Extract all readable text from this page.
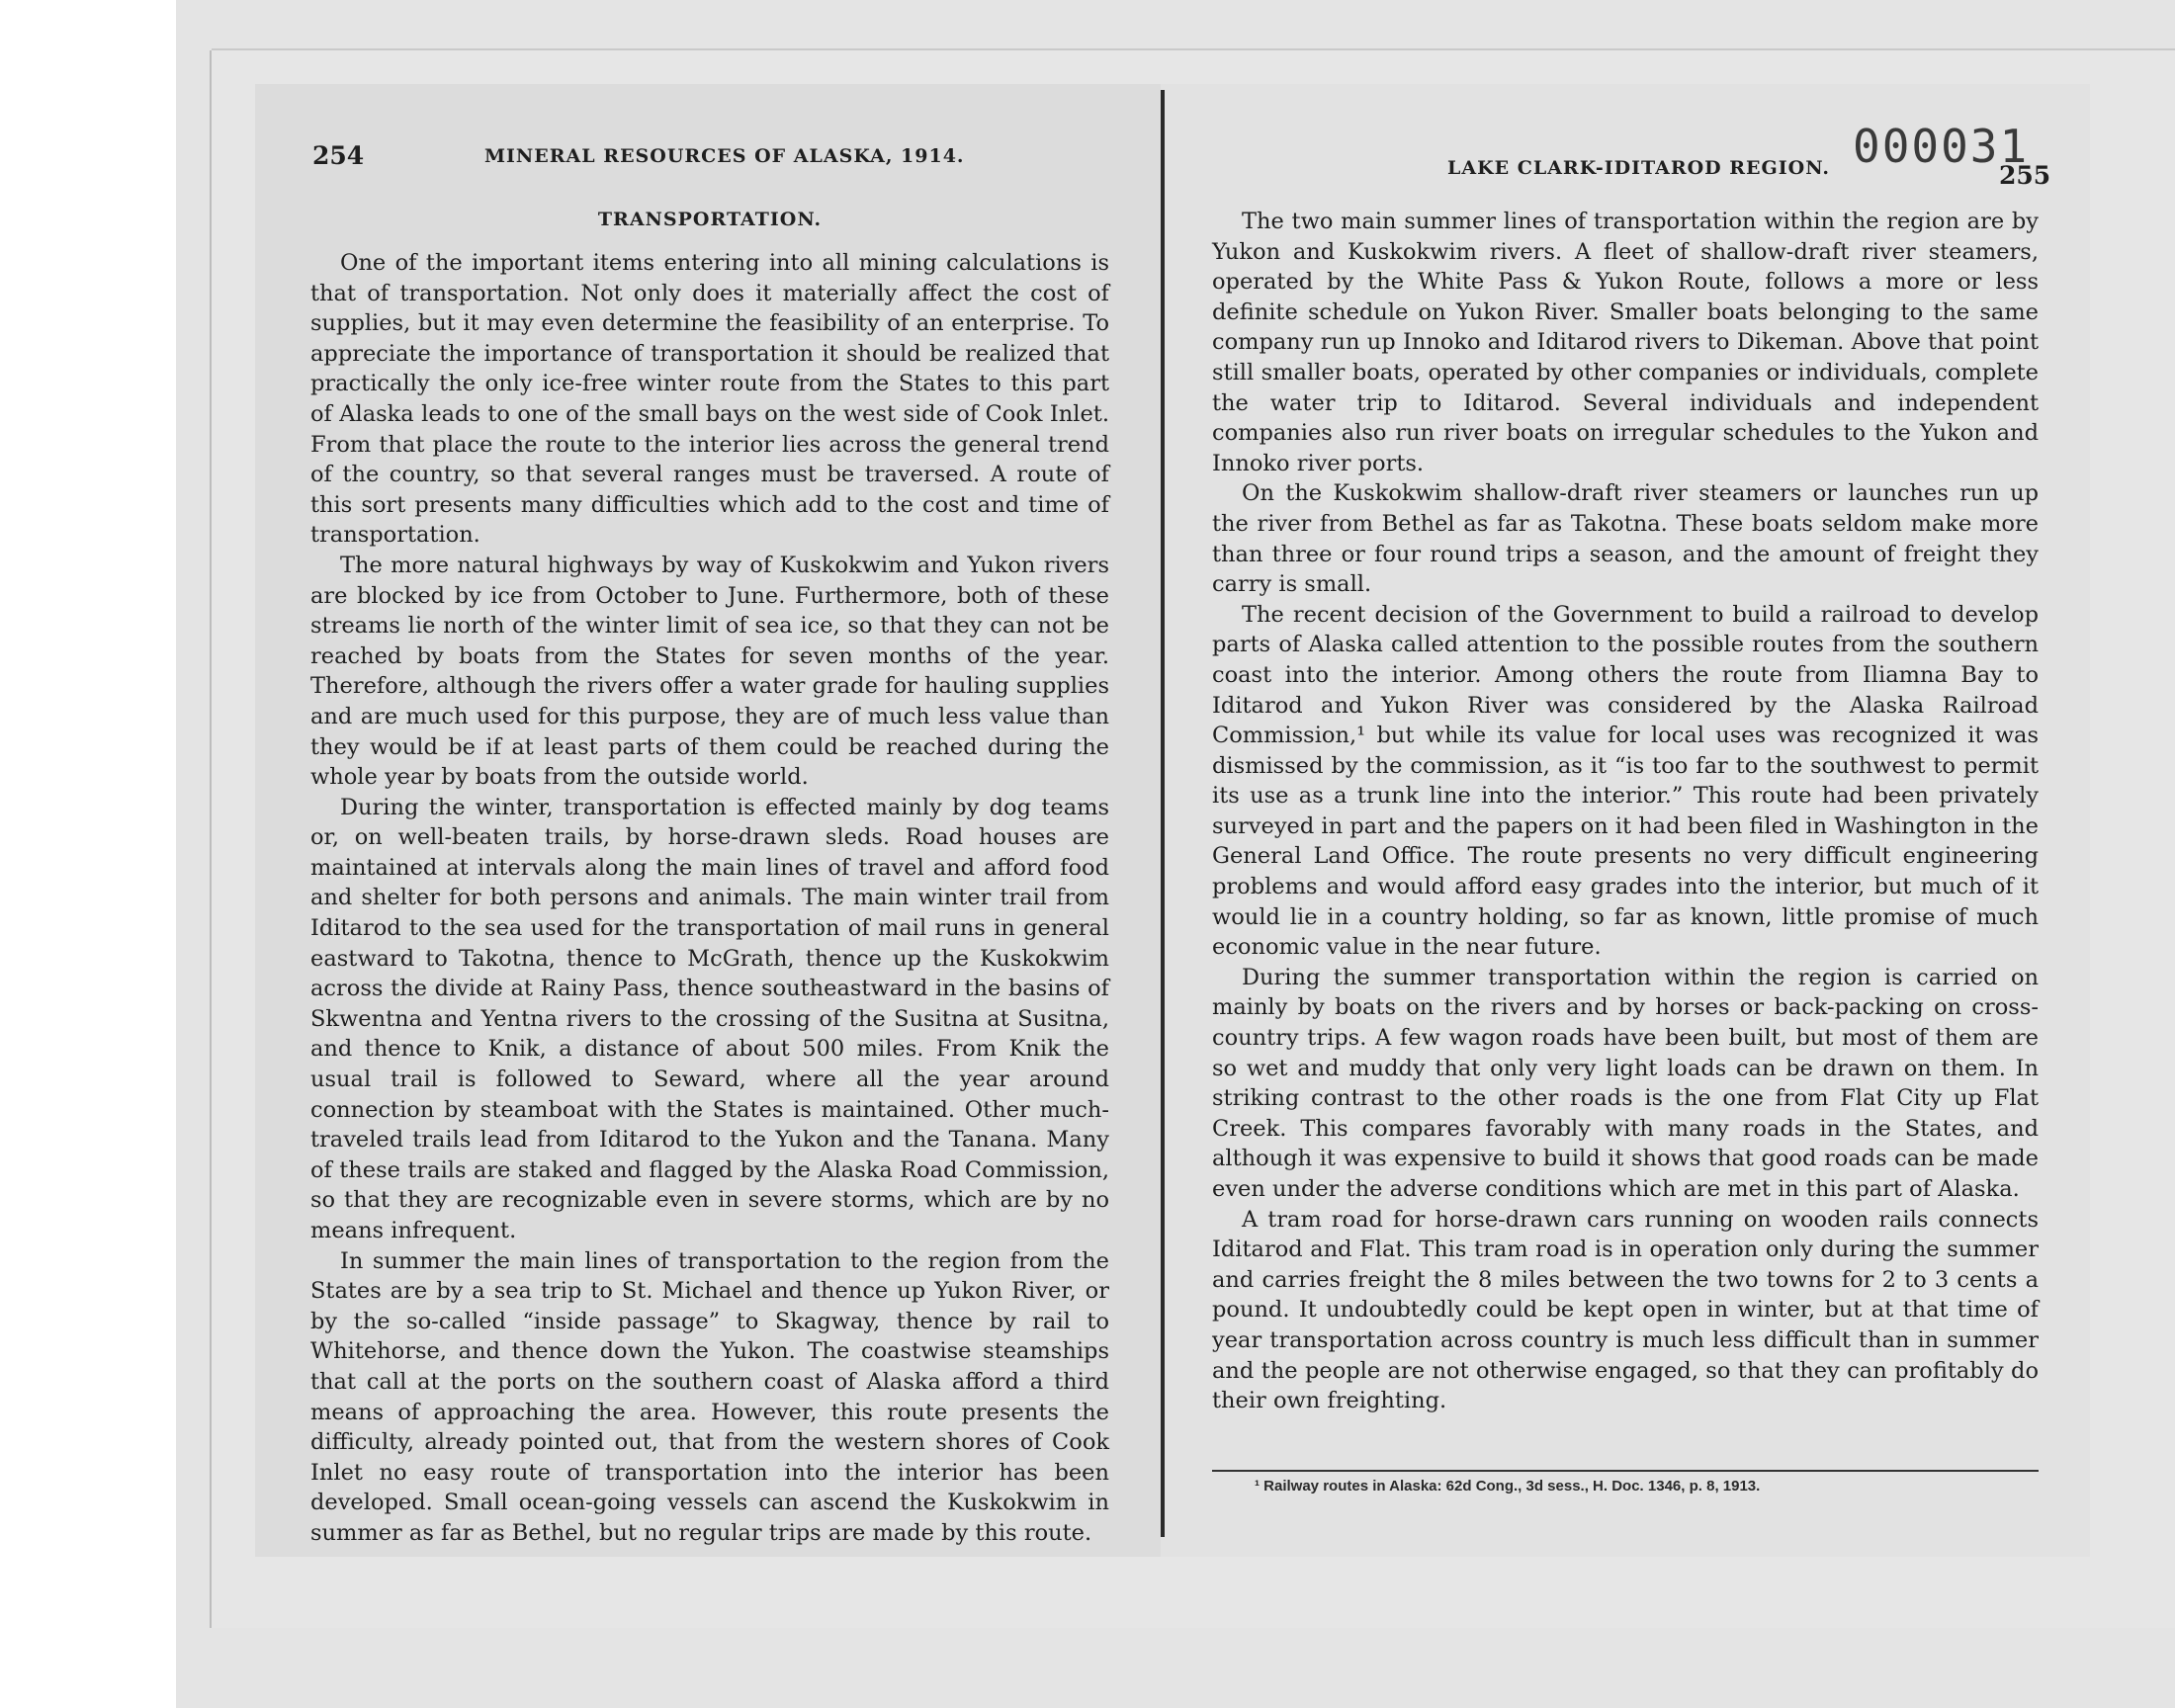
254	MINERAL RESOURCES OF ALASKA, 1914.
TRANSPORTATION.

One of the important items entering into all mining calculations is that of transportation. Not only does it materially affect the cost of supplies, but it may even determine the feasibility of an enterprise. To appreciate the importance of transportation it should be realized that practically the only ice-free winter route from the States to this part of Alaska leads to one of the small bays on the west side of Cook Inlet. From that place the route to the interior lies across the general trend of the country, so that several ranges must be traversed. A route of this sort presents many difficulties which add to the cost and time of transportation.

The more natural highways by way of Kuskokwim and Yukon rivers are blocked by ice from October to June. Furthermore, both of these streams lie north of the winter limit of sea ice, so that they can not be reached by boats from the States for seven months of the year. Therefore, although the rivers offer a water grade for hauling supplies and are much used for this purpose, they are of much less value than they would be if at least parts of them could be reached during the whole year by boats from the outside world.

During the winter, transportation is effected mainly by dog teams or, on well-beaten trails, by horse-drawn sleds. Road houses are maintained at intervals along the main lines of travel and afford food and shelter for both persons and animals. The main winter trail from Iditarod to the sea used for the transportation of mail runs in general eastward to Takotna, thence to McGrath, thence up the Kuskokwim across the divide at Rainy Pass, thence southeastward in the basins of Skwentna and Yentna rivers to the crossing of the Susitna at Susitna, and thence to Knik, a distance of about 500 miles. From Knik the usual trail is followed to Seward, where all the year around connection by steamboat with the States is maintained. Other much-traveled trails lead from Iditarod to the Yukon and the Tanana. Many of these trails are staked and flagged by the Alaska Road Commission, so that they are recognizable even in severe storms, which are by no means infrequent.

In summer the main lines of transportation to the region from the States are by a sea trip to St. Michael and thence up Yukon River, or by the so-called “inside passage” to Skagway, thence by rail to Whitehorse, and thence down the Yukon. The coastwise steamships that call at the ports on the southern coast of Alaska afford a third means of approaching the area. However, this route presents the difficulty, already pointed out, that from the western shores of Cook Inlet no easy route of transportation into the interior has been developed. Small ocean-going vessels can ascend the Kuskokwim in summer as far as Bethel, but no regular trips are made by this route.

LAKE CLARK-IDITAROD REGION.	255
000031

The two main summer lines of transportation within the region are by Yukon and Kuskokwim rivers. A fleet of shallow-draft river steamers, operated by the White Pass & Yukon Route, follows a more or less definite schedule on Yukon River. Smaller boats belonging to the same company run up Innoko and Iditarod rivers to Dikeman. Above that point still smaller boats, operated by other companies or individuals, complete the water trip to Iditarod. Several individuals and independent companies also run river boats on irregular schedules to the Yukon and Innoko river ports.

On the Kuskokwim shallow-draft river steamers or launches run up the river from Bethel as far as Takotna. These boats seldom make more than three or four round trips a season, and the amount of freight they carry is small.

The recent decision of the Government to build a railroad to develop parts of Alaska called attention to the possible routes from the southern coast into the interior. Among others the route from Iliamna Bay to Iditarod and Yukon River was considered by the Alaska Railroad Commission,¹ but while its value for local uses was recognized it was dismissed by the commission, as it “is too far to the southwest to permit its use as a trunk line into the interior.” This route had been privately surveyed in part and the papers on it had been filed in Washington in the General Land Office. The route presents no very difficult engineering problems and would afford easy grades into the interior, but much of it would lie in a country holding, so far as known, little promise of much economic value in the near future.

During the summer transportation within the region is carried on mainly by boats on the rivers and by horses or back-packing on cross-country trips. A few wagon roads have been built, but most of them are so wet and muddy that only very light loads can be drawn on them. In striking contrast to the other roads is the one from Flat City up Flat Creek. This compares favorably with many roads in the States, and although it was expensive to build it shows that good roads can be made even under the adverse conditions which are met in this part of Alaska.

A tram road for horse-drawn cars running on wooden rails connects Iditarod and Flat. This tram road is in operation only during the summer and carries freight the 8 miles between the two towns for 2 to 3 cents a pound. It undoubtedly could be kept open in winter, but at that time of year transportation across country is much less difficult than in summer and the people are not otherwise engaged, so that they can profitably do their own freighting.

¹ Railway routes in Alaska: 62d Cong., 3d sess., H. Doc. 1346, p. 8, 1913.
